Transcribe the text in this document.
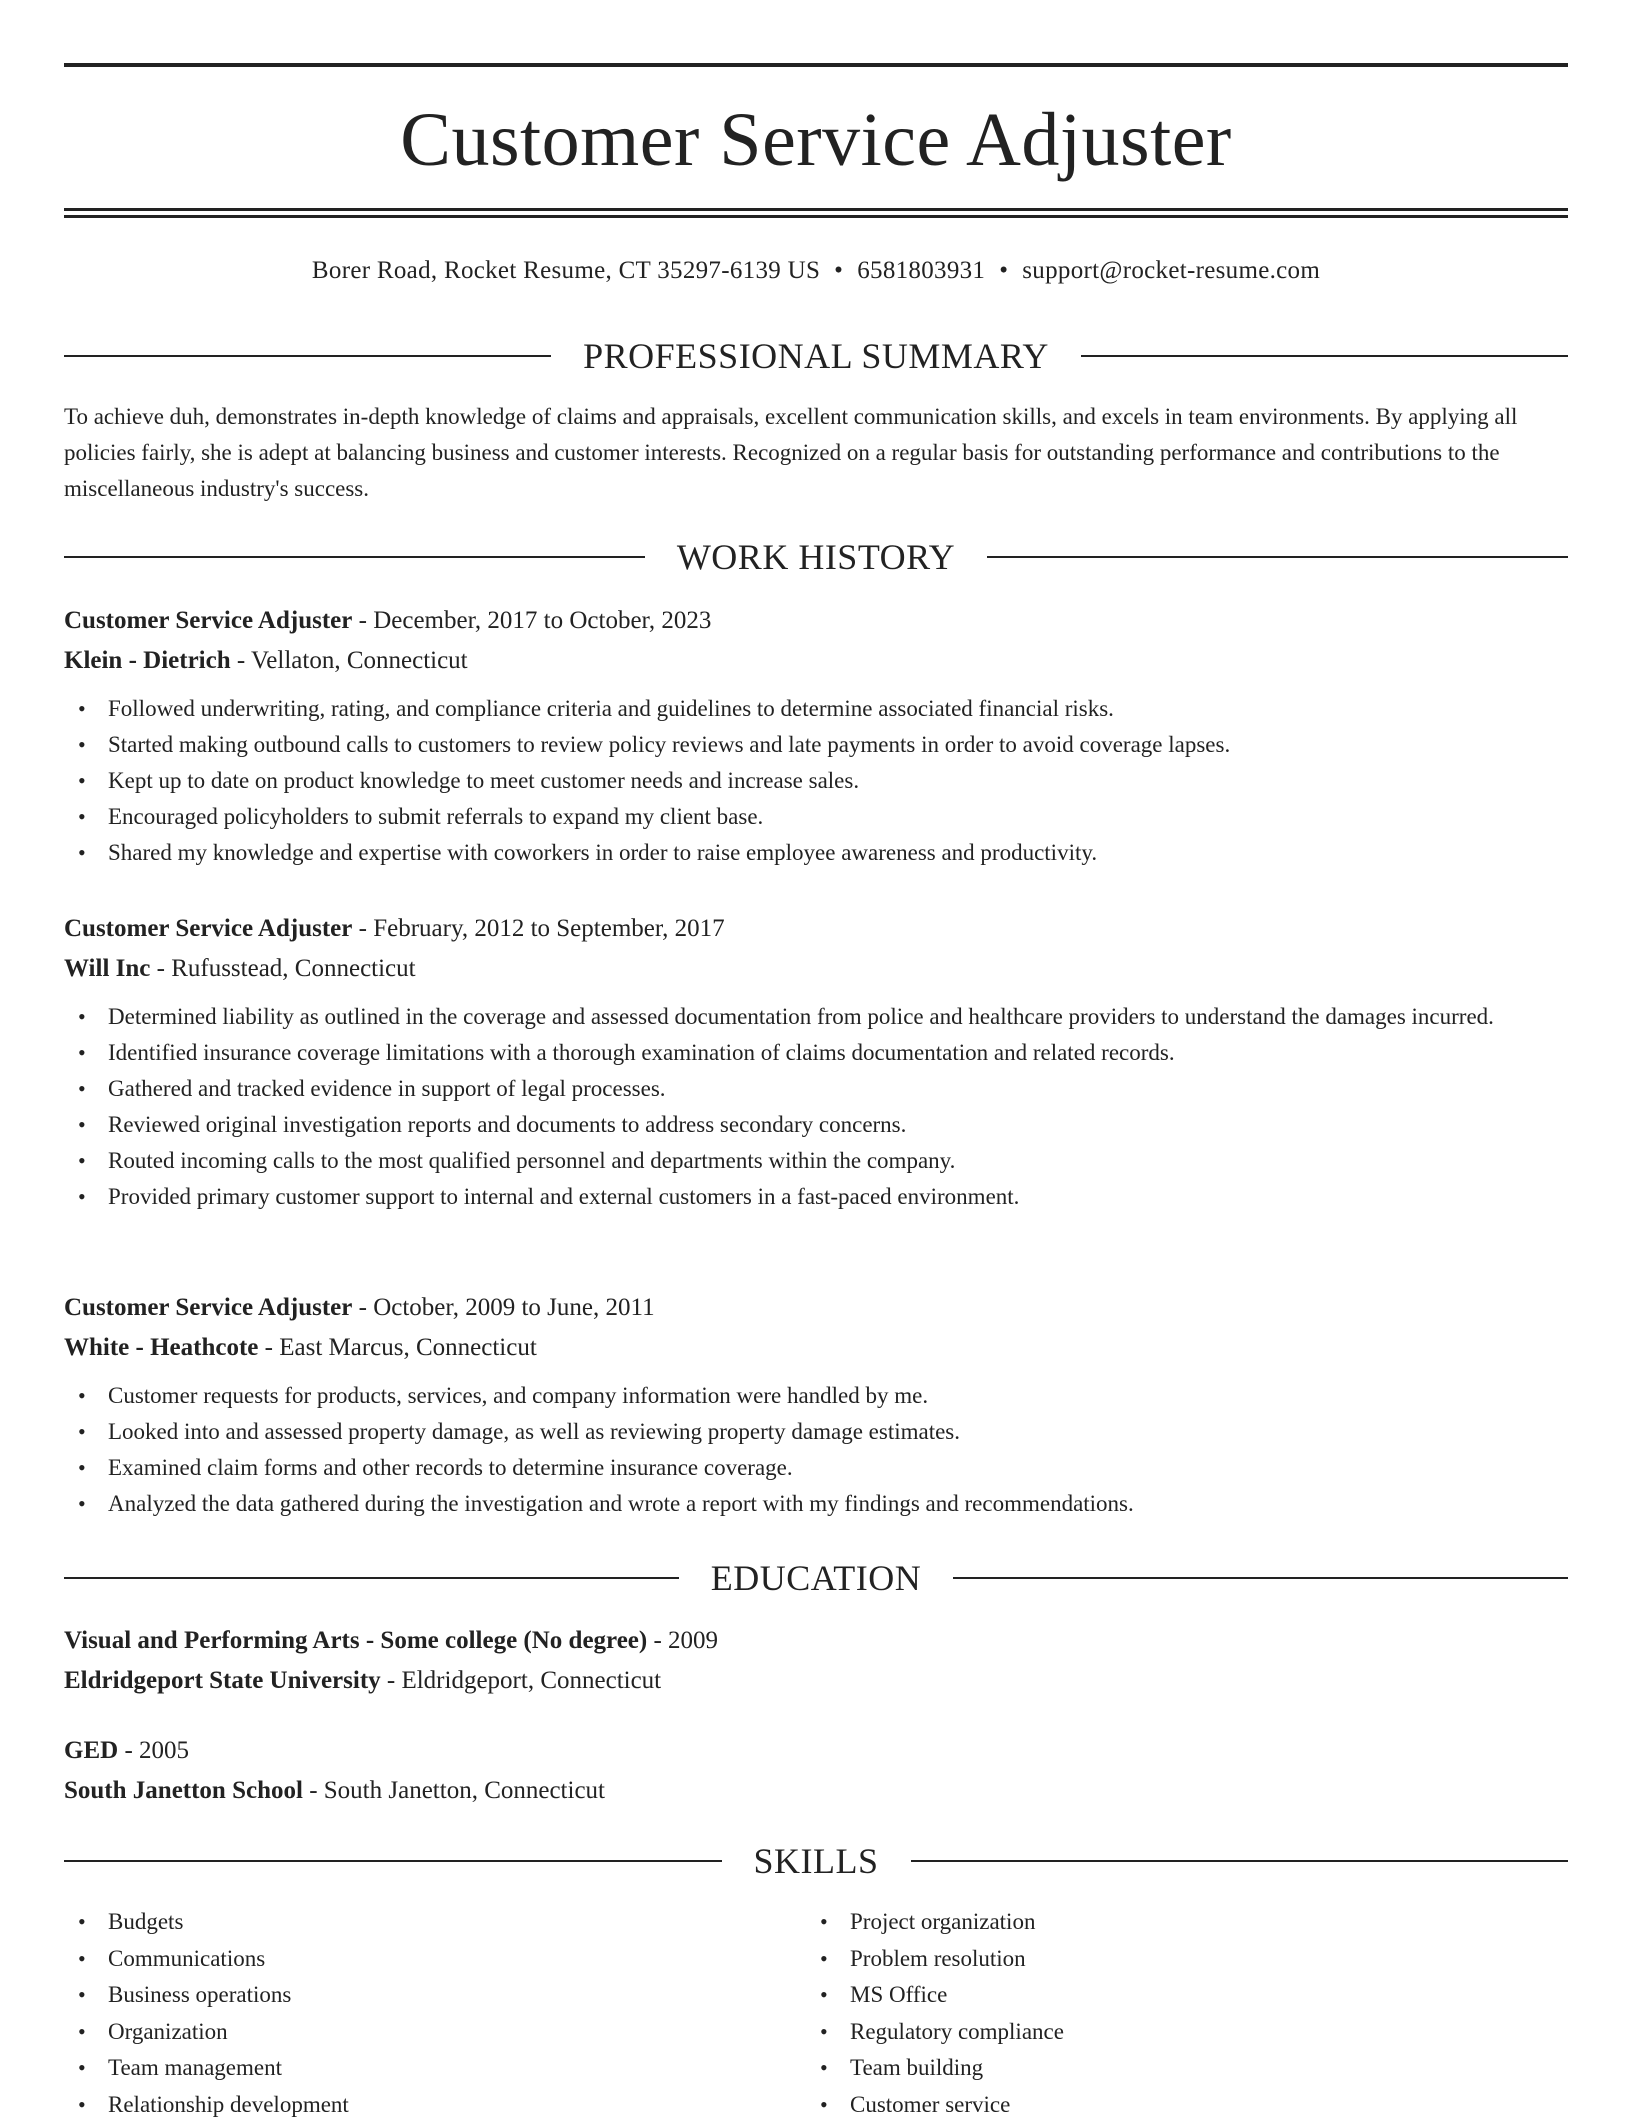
Customer Service Adjuster
Borer Road, Rocket Resume, CT 35297-6139 US • 6581803931 • support@rocket-resume.com
PROFESSIONAL SUMMARY
To achieve duh, demonstrates in-depth knowledge of claims and appraisals, excellent communication skills, and excels in team environments. By applying all policies fairly, she is adept at balancing business and customer interests. Recognized on a regular basis for outstanding performance and contributions to the miscellaneous industry's success.
WORK HISTORY
Customer Service Adjuster - December, 2017 to October, 2023
Klein - Dietrich - Vellaton, Connecticut
• Followed underwriting, rating, and compliance criteria and guidelines to determine associated financial risks.
• Started making outbound calls to customers to review policy reviews and late payments in order to avoid coverage lapses.
• Kept up to date on product knowledge to meet customer needs and increase sales.
• Encouraged policyholders to submit referrals to expand my client base.
• Shared my knowledge and expertise with coworkers in order to raise employee awareness and productivity.
Customer Service Adjuster - February, 2012 to September, 2017
Will Inc - Rufusstead, Connecticut
• Determined liability as outlined in the coverage and assessed documentation from police and healthcare providers to understand the damages incurred.
• Identified insurance coverage limitations with a thorough examination of claims documentation and related records.
• Gathered and tracked evidence in support of legal processes.
• Reviewed original investigation reports and documents to address secondary concerns.
• Routed incoming calls to the most qualified personnel and departments within the company.
• Provided primary customer support to internal and external customers in a fast-paced environment.
Customer Service Adjuster - October, 2009 to June, 2011
White - Heathcote - East Marcus, Connecticut
• Customer requests for products, services, and company information were handled by me.
• Looked into and assessed property damage, as well as reviewing property damage estimates.
• Examined claim forms and other records to determine insurance coverage.
• Analyzed the data gathered during the investigation and wrote a report with my findings and recommendations.
EDUCATION
Visual and Performing Arts - Some college (No degree) - 2009
Eldridgeport State University - Eldridgeport, Connecticut
GED - 2005
South Janetton School - South Janetton, Connecticut
SKILLS
• Budgets
• Communications
• Business operations
• Organization
• Team management
• Relationship development
• Project organization
• Problem resolution
• MS Office
• Regulatory compliance
• Team building
• Customer service
